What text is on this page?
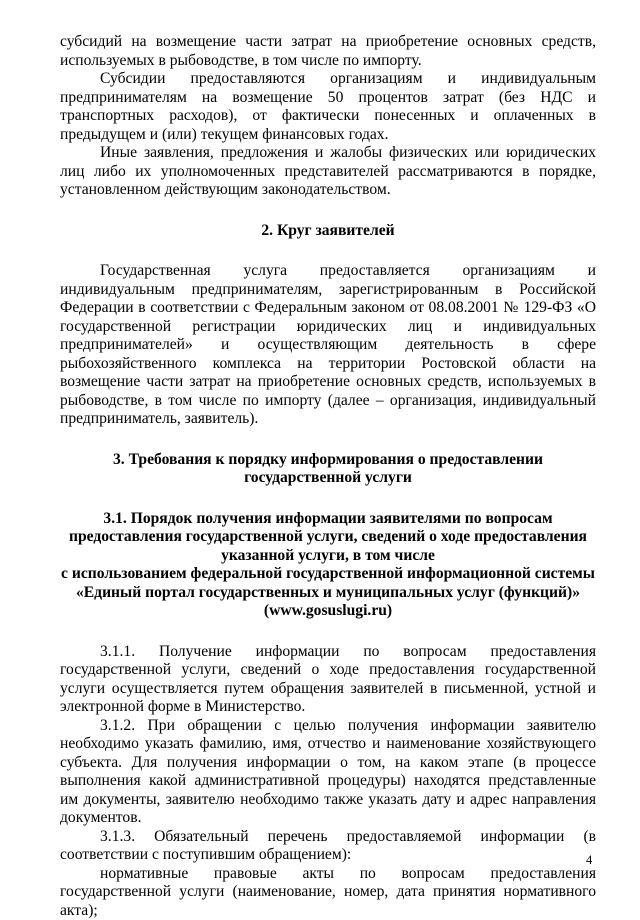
субсидий на возмещение части затрат на приобретение основных средств, используемых в рыбоводстве, в том числе по импорту.

Субсидии предоставляются организациям и индивидуальным предпринимателям на возмещение 50 процентов затрат (без НДС и транспортных расходов), от фактически понесенных и оплаченных в предыдущем и (или) текущем финансовых годах.

Иные заявления, предложения и жалобы физических или юридических лиц либо их уполномоченных представителей рассматриваются в порядке, установленном действующим законодательством.

2. Круг заявителей

Государственная услуга предоставляется организациям и индивидуальным предпринимателям, зарегистрированным в Российской Федерации в соответствии с Федеральным законом от 08.08.2001 № 129-ФЗ «О государственной регистрации юридических лиц и индивидуальных предпринимателей» и осуществляющим деятельность в сфере рыбохозяйственного комплекса на территории Ростовской области на возмещение части затрат на приобретение основных средств, используемых в рыбоводстве, в том числе по импорту (далее – организация, индивидуальный предприниматель, заявитель).

3. Требования к порядку информирования о предоставлении
государственной услуги
3.1. Порядок получения информации заявителями по вопросам
предоставления государственной услуги, сведений о ходе предоставления
указанной услуги, в том числе
с использованием федеральной государственной информационной системы
«Единый портал государственных и муниципальных услуг (функций)»
(www.gosuslugi.ru)

3.1.1. Получение информации по вопросам предоставления государственной услуги, сведений о ходе предоставления государственной услуги осуществляется путем обращения заявителей в письменной, устной и электронной форме в Министерство.

3.1.2. При обращении с целью получения информации заявителю необходимо указать фамилию, имя, отчество и наименование хозяйствующего субъекта. Для получения информации о том, на каком этапе (в процессе выполнения какой административной процедуры) находятся представленные им документы, заявителю необходимо также указать дату и адрес направления документов.

3.1.3. Обязательный перечень предоставляемой информации (в соответствии с поступившим обращением):

нормативные правовые акты по вопросам предоставления государственной услуги (наименование, номер, дата принятия нормативного акта);

4
